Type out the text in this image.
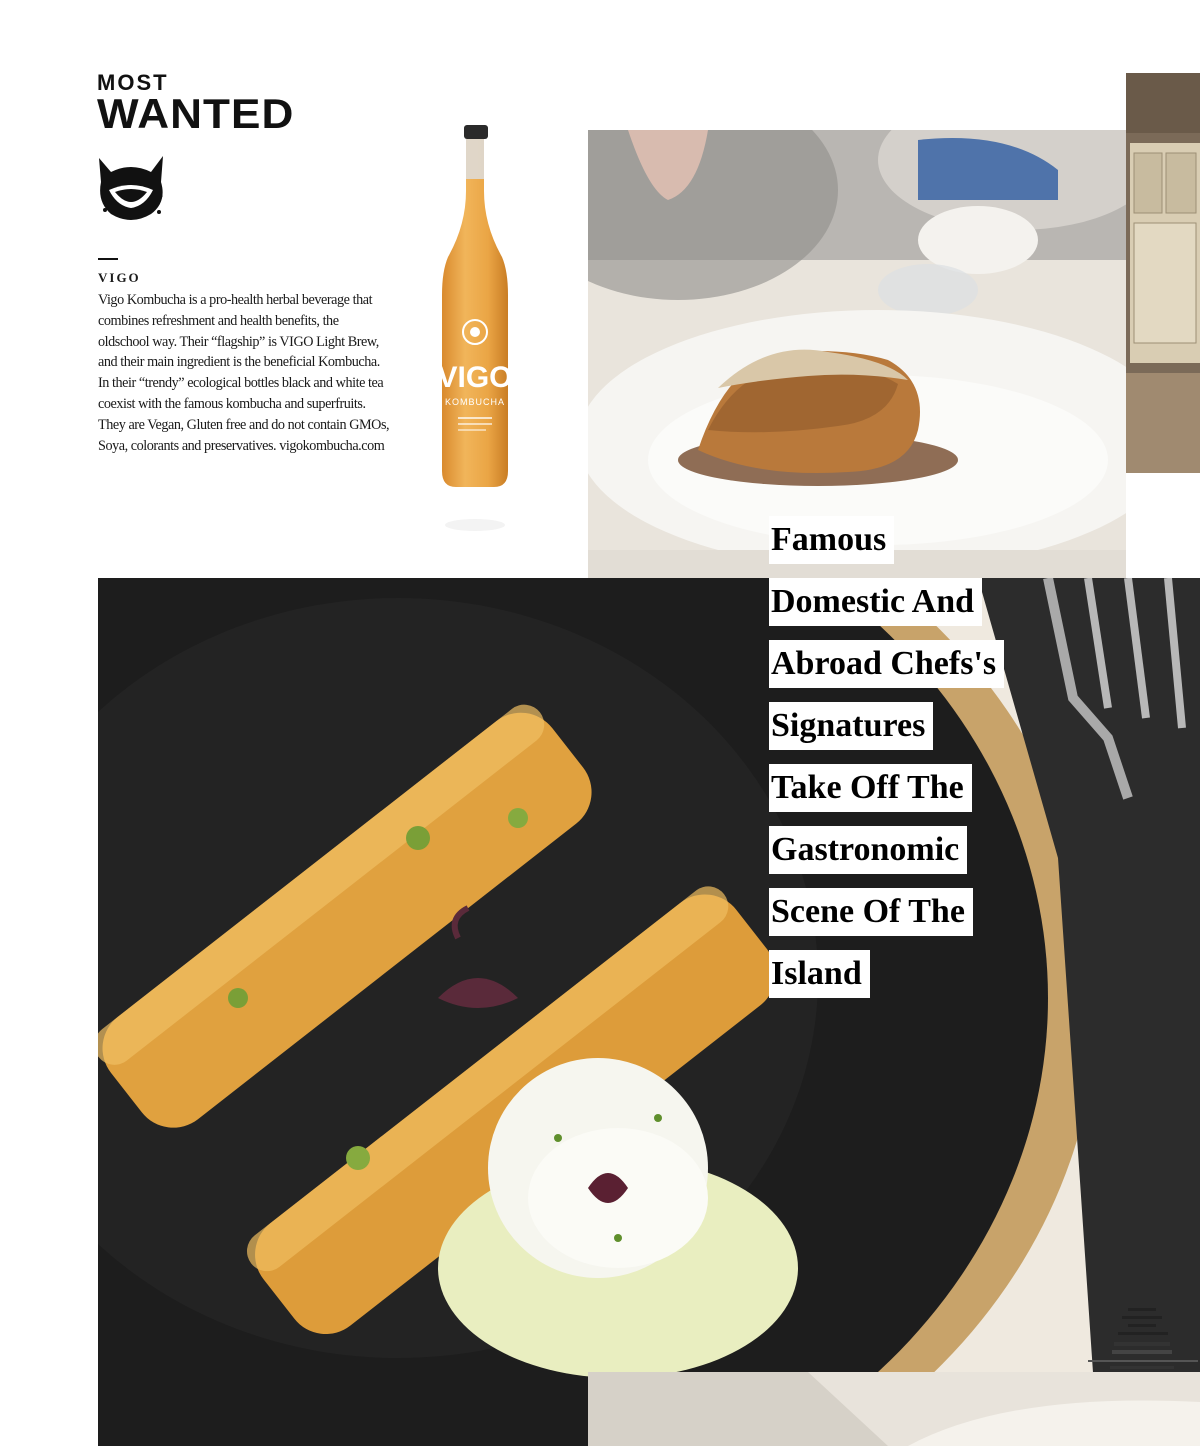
MOST
WANTED
VIGO
Vigo Kombucha is a pro-health herbal beverage that combines refreshment and health benefits, the oldschool way. Their “flagship” is VIGO Light Brew, and their main ingredient is the beneficial Kombucha. In their “trendy” ecological bottles black and white tea coexist with the famous kombucha and superfruits. They are Vegan, Gluten free and do not contain GMOs, Soya, colorants and preservatives. vigokombucha.com
VIGO
KOMBUCHA
Famous
Domestic And
Abroad Chefs's
Signatures
Take Off The
Gastronomic
Scene Of The
Island
